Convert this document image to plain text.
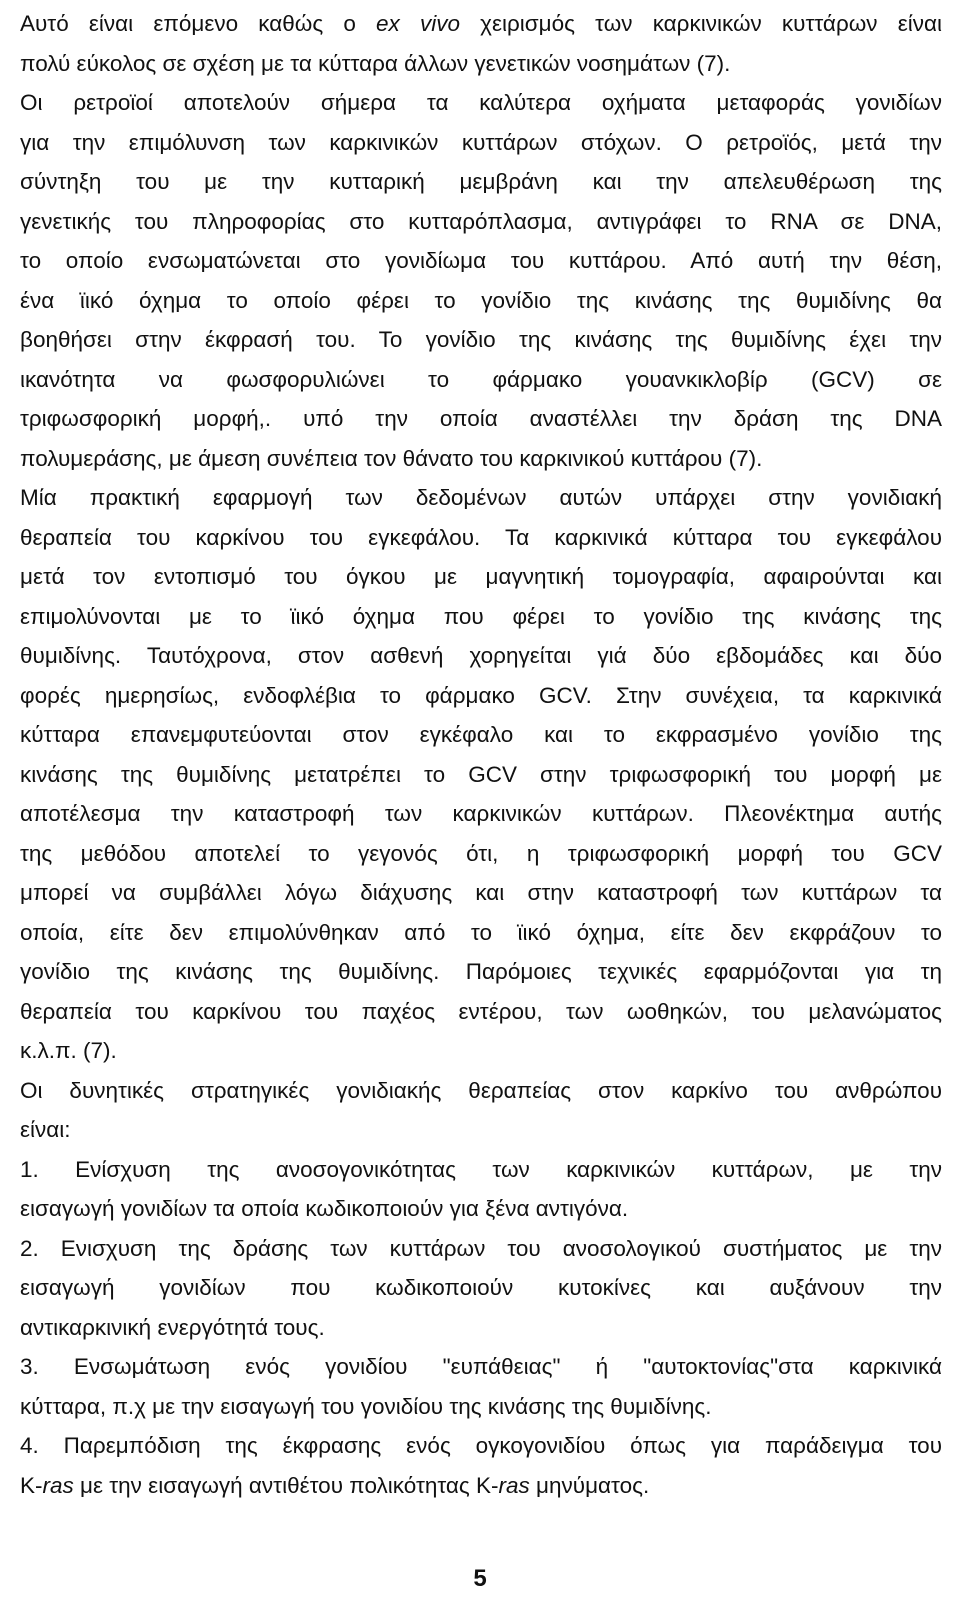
Αυτό είναι επόμενο καθώς ο ex vivo χειρισμός των καρκινικών κυττάρων είναι
πολύ εύκολος σε σχέση με τα κύτταρα άλλων γενετικών νοσημάτων (7).
Οι ρετροϊοί αποτελούν σήμερα τα καλύτερα οχήματα μεταφοράς γονιδίων
για την επιμόλυνση των καρκινικών κυττάρων στόχων. Ο ρετροϊός, μετά την
σύντηξη του με την κυτταρική μεμβράνη και την απελευθέρωση της
γενετικής του πληροφορίας στο κυτταρόπλασμα, αντιγράφει το RNA σε DNA,
το οποίο ενσωματώνεται στο γονιδίωμα του κυττάρου. Από αυτή την θέση,
ένα ϊικό όχημα το οποίο φέρει το γονίδιο της κινάσης της θυμιδίνης θα
βοηθήσει στην έκφρασή του. Το γονίδιο της κινάσης της θυμιδίνης έχει την
ικανότητα να φωσφορυλιώνει το φάρμακο γουανκικλοβίρ (GCV) σε
τριφωσφορική μορφή,. υπό την οποία αναστέλλει την δράση της DNA
πολυμεράσης, με άμεση συνέπεια τον θάνατο του καρκινικού κυττάρου (7).
Μία πρακτική εφαρμογή των δεδομένων αυτών υπάρχει στην γονιδιακή
θεραπεία του καρκίνου του εγκεφάλου. Τα καρκινικά κύτταρα του εγκεφάλου
μετά τον εντοπισμό του όγκου με μαγνητική τομογραφία, αφαιρούνται και
επιμολύνονται με το ϊικό όχημα που φέρει το γονίδιο της κινάσης της
θυμιδίνης. Ταυτόχρονα, στον ασθενή χορηγείται γιά δύο εβδομάδες και δύο
φορές ημερησίως, ενδοφλέβια το φάρμακο GCV. Στην συνέχεια, τα καρκινικά
κύτταρα επανεμφυτεύονται στον εγκέφαλο και το εκφρασμένο γονίδιο της
κινάσης της θυμιδίνης μετατρέπει το GCV στην τριφωσφορική του μορφή με
αποτέλεσμα την καταστροφή των καρκινικών κυττάρων. Πλεονέκτημα αυτής
της μεθόδου αποτελεί το γεγονός ότι, η τριφωσφορική μορφή του GCV
μπορεί να συμβάλλει λόγω διάχυσης και στην καταστροφή των κυττάρων τα
οποία, είτε δεν επιμολύνθηκαν από το ϊικό όχημα, είτε δεν εκφράζουν το
γονίδιο της κινάσης της θυμιδίνης. Παρόμοιες τεχνικές εφαρμόζονται για τη
θεραπεία του καρκίνου του παχέος εντέρου, των ωοθηκών, του μελανώματος
κ.λ.π. (7).
Οι δυνητικές στρατηγικές γονιδιακής θεραπείας στον καρκίνο του ανθρώπου
είναι:
1. Ενίσχυση της ανοσογονικότητας των καρκινικών κυττάρων, με την
εισαγωγή γονιδίων τα οποία κωδικοποιούν για ξένα αντιγόνα.
2. Ενισχυση της δράσης των κυττάρων του ανοσολογικού συστήματος με την
εισαγωγή γονιδίων που κωδικοποιούν κυτοκίνες και αυξάνουν την
αντικαρκινική ενεργότητά τους.
3. Ενσωμάτωση ενός γονιδίου "ευπάθειας" ή "αυτοκτονίας"στα καρκινικά
κύτταρα, π.χ με την εισαγωγή του γονιδίου της κινάσης της θυμιδίνης.
4. Παρεμπόδιση της έκφρασης ενός ογκογονιδίου όπως για παράδειγμα του
K-ras με την εισαγωγή αντιθέτου πολικότητας K-ras μηνύματος.
5
